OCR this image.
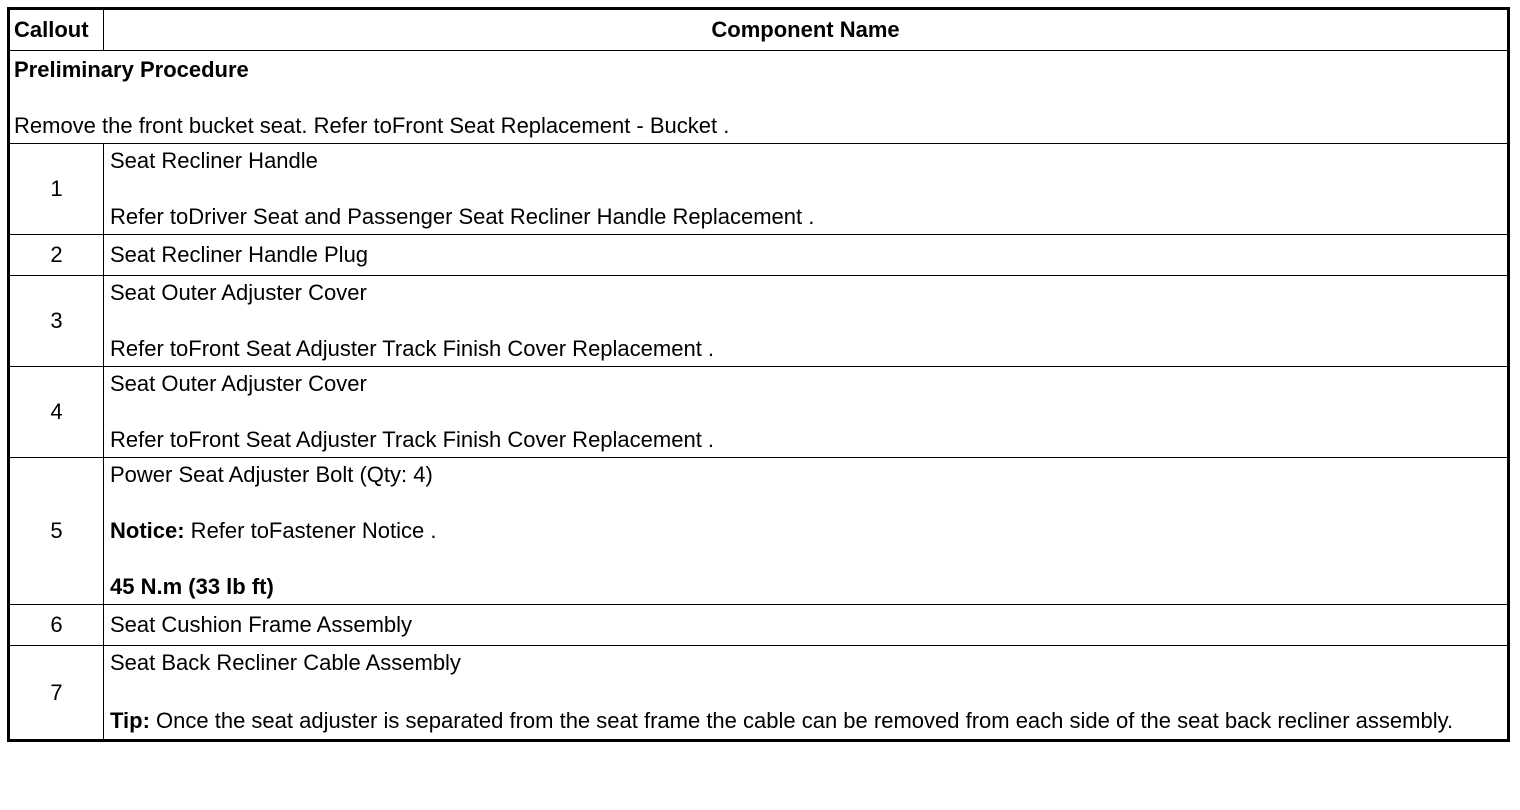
Callout	Component Name

Preliminary Procedure

Remove the front bucket seat. Refer toFront Seat Replacement - Bucket .	

1	Seat Recliner Handle

Refer toDriver Seat and Passenger Seat Recliner Handle Replacement .

2	Seat Recliner Handle Plug
3	Seat Outer Adjuster Cover

Refer toFront Seat Adjuster Track Finish Cover Replacement .

4	Seat Outer Adjuster Cover

Refer toFront Seat Adjuster Track Finish Cover Replacement .

5	Power Seat Adjuster Bolt (Qty: 4)

Notice: Refer toFastener Notice .

45 N.m (33 lb ft)

6	Seat Cushion Frame Assembly
7	Seat Back Recliner Cable Assembly

Tip: Once the seat adjuster is separated from the seat frame the cable can be removed from each side of the seat back recliner assembly.
